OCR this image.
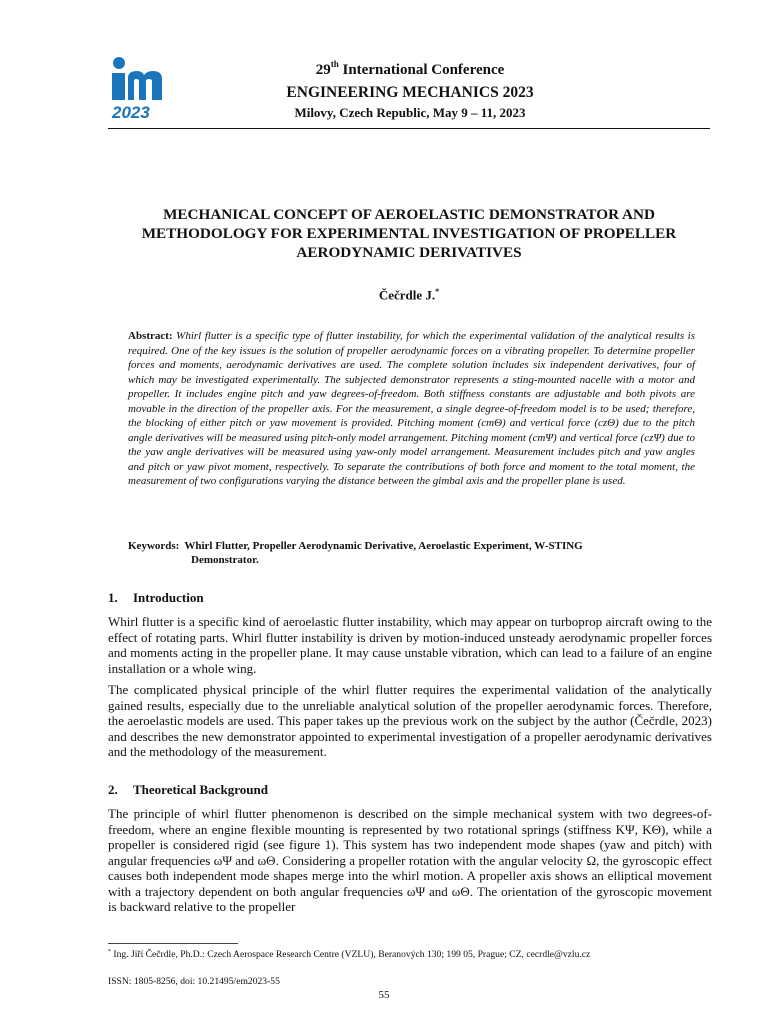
2023
29th International Conference
ENGINEERING MECHANICS 2023
Milovy, Czech Republic, May 9 – 11, 2023
MECHANICAL CONCEPT OF AEROELASTIC DEMONSTRATOR AND METHODOLOGY FOR EXPERIMENTAL INVESTIGATION OF PROPELLER AERODYNAMIC DERIVATIVES
Čečrdle J.*
Abstract: Whirl flutter is a specific type of flutter instability, for which the experimental validation of the analytical results is required. One of the key issues is the solution of propeller aerodynamic forces on a vibrating propeller. To determine propeller forces and moments, aerodynamic derivatives are used. The complete solution includes six independent derivatives, four of which may be investigated experimentally. The subjected demonstrator represents a sting-mounted nacelle with a motor and propeller. It includes engine pitch and yaw degrees-of-freedom. Both stiffness constants are adjustable and both pivots are movable in the direction of the propeller axis. For the measurement, a single degree-of-freedom model is to be used; therefore, the blocking of either pitch or yaw movement is provided. Pitching moment (cmΘ) and vertical force (czΘ) due to the pitch angle derivatives will be measured using pitch-only model arrangement. Pitching moment (cmΨ) and vertical force (czΨ) due to the yaw angle derivatives will be measured using yaw-only model arrangement. Measurement includes pitch and yaw angles and pitch or yaw pivot moment, respectively. To separate the contributions of both force and moment to the total moment, the measurement of two configurations varying the distance between the gimbal axis and the propeller plane is used.
Keywords: Whirl Flutter, Propeller Aerodynamic Derivative, Aeroelastic Experiment, W-STING
Demonstrator.
1. Introduction

Whirl flutter is a specific kind of aeroelastic flutter instability, which may appear on turboprop aircraft owing to the effect of rotating parts. Whirl flutter instability is driven by motion-induced unsteady aerodynamic propeller forces and moments acting in the propeller plane. It may cause unstable vibration, which can lead to a failure of an engine installation or a whole wing.

The complicated physical principle of the whirl flutter requires the experimental validation of the analytically gained results, especially due to the unreliable analytical solution of the propeller aerodynamic forces. Therefore, the aeroelastic models are used. This paper takes up the previous work on the subject by the author (Čečrdle, 2023) and describes the new demonstrator appointed to experimental investigation of a propeller aerodynamic derivatives and the methodology of the measurement.

2. Theoretical Background

The principle of whirl flutter phenomenon is described on the simple mechanical system with two degrees-of-freedom, where an engine flexible mounting is represented by two rotational springs (stiffness KΨ, KΘ), while a propeller is considered rigid (see figure 1). This system has two independent mode shapes (yaw and pitch) with angular frequencies ωΨ and ωΘ. Considering a propeller rotation with the angular velocity Ω, the gyroscopic effect causes both independent mode shapes merge into the whirl motion. A propeller axis shows an elliptical movement with a trajectory dependent on both angular frequencies ωΨ and ωΘ. The orientation of the gyroscopic movement is backward relative to the propeller

* Ing. Jiří Čečrdle, Ph.D.: Czech Aerospace Research Centre (VZLU), Beranových 130; 199 05, Prague; CZ, cecrdle@vzlu.cz
ISSN: 1805-8256, doi: 10.21495/em2023-55
55
